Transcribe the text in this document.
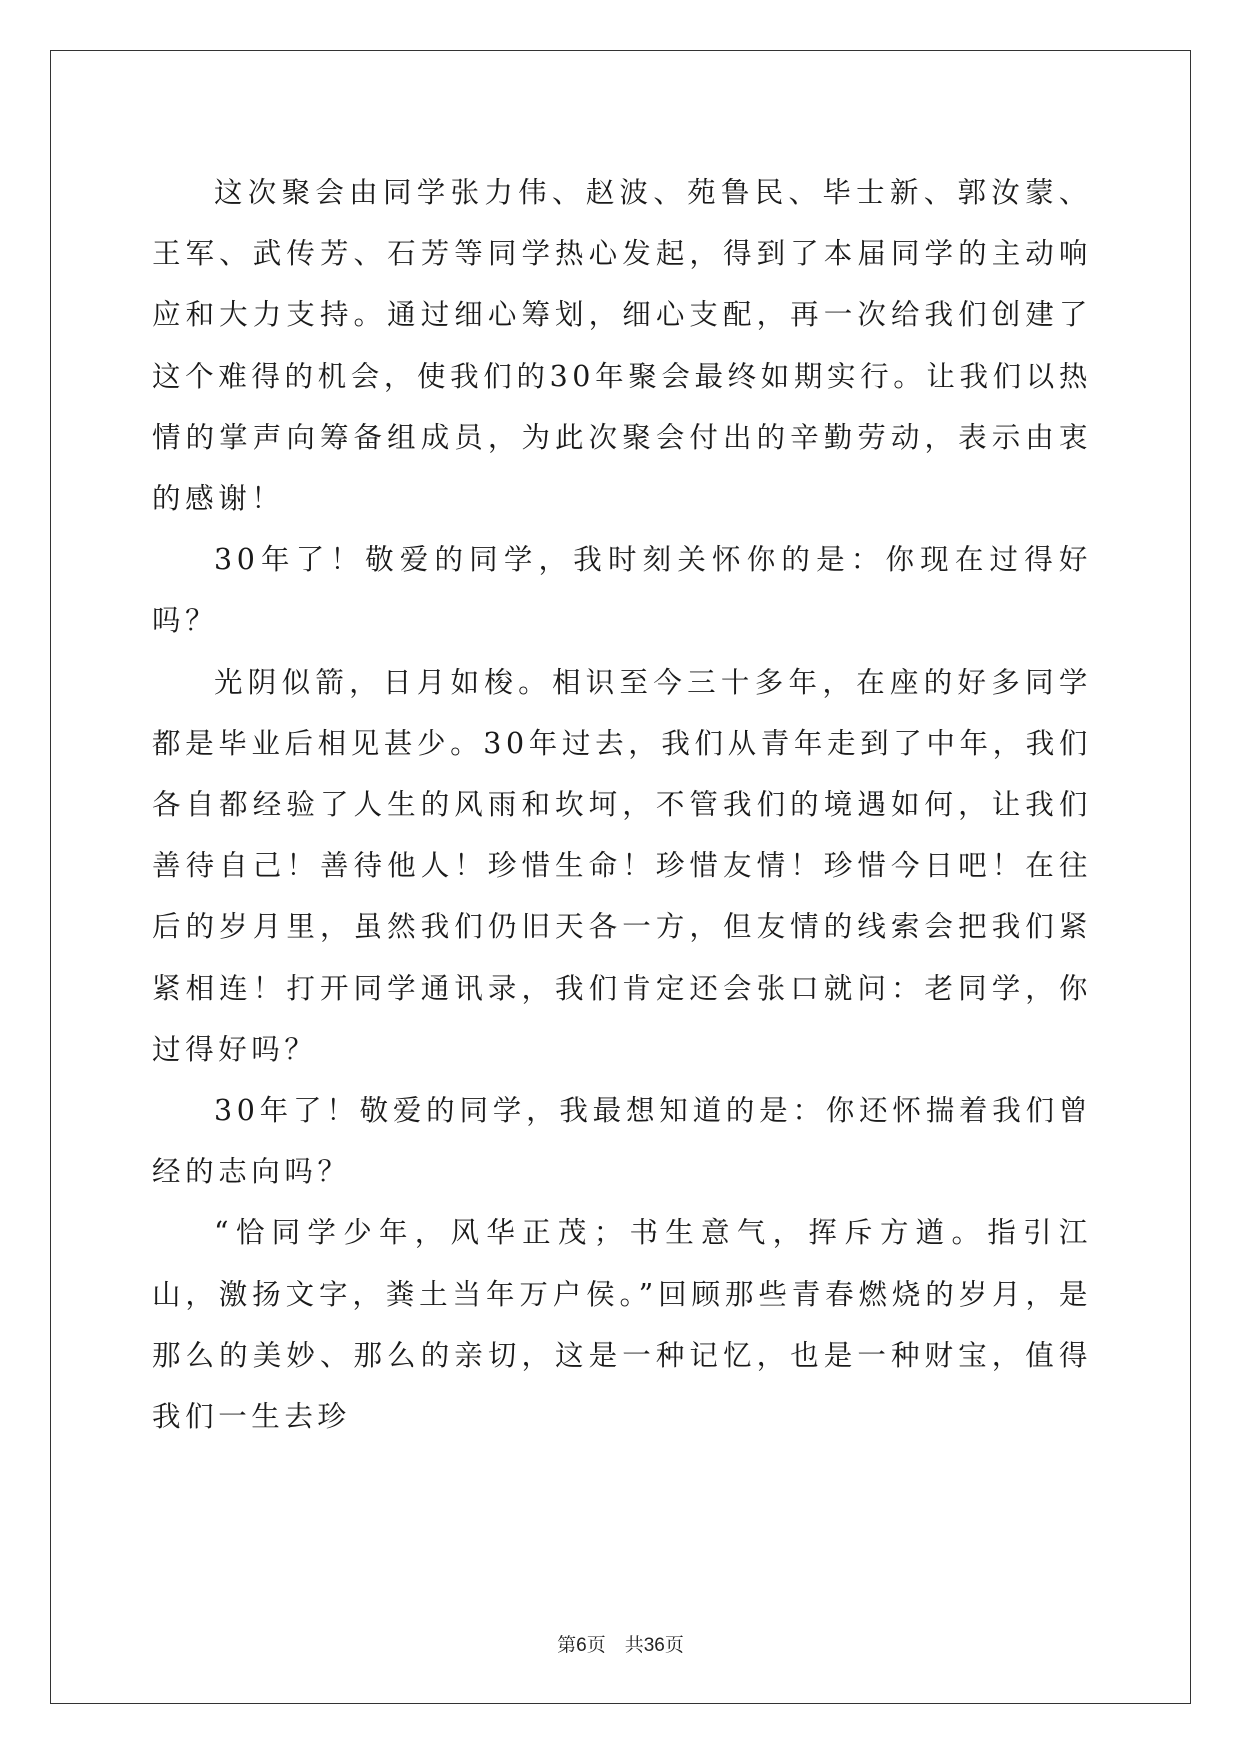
这次聚会由同学张力伟、赵波、苑鲁民、毕士新、郭汝蒙、王军、武传芳、石芳等同学热心发起，得到了本届同学的主动响应和大力支持。通过细心筹划，细心支配，再一次给我们创建了这个难得的机会，使我们的30年聚会最终如期实行。让我们以热情的掌声向筹备组成员，为此次聚会付出的辛勤劳动，表示由衷的感谢！

30年了！敬爱的同学，我时刻关怀你的是：你现在过得好吗？

光阴似箭，日月如梭。相识至今三十多年，在座的好多同学都是毕业后相见甚少。30年过去，我们从青年走到了中年，我们各自都经验了人生的风雨和坎坷，不管我们的境遇如何，让我们善待自己！善待他人！珍惜生命！珍惜友情！珍惜今日吧！在往后的岁月里，虽然我们仍旧天各一方，但友情的线索会把我们紧紧相连！打开同学通讯录，我们肯定还会张口就问：老同学，你过得好吗？

30年了！敬爱的同学，我最想知道的是：你还怀揣着我们曾经的志向吗？

“恰同学少年，风华正茂；书生意气，挥斥方遒。指引江山，激扬文字，粪土当年万户侯。”回顾那些青春燃烧的岁月，是那么的美妙、那么的亲切，这是一种记忆，也是一种财宝，值得我们一生去珍

第6页　共36页
